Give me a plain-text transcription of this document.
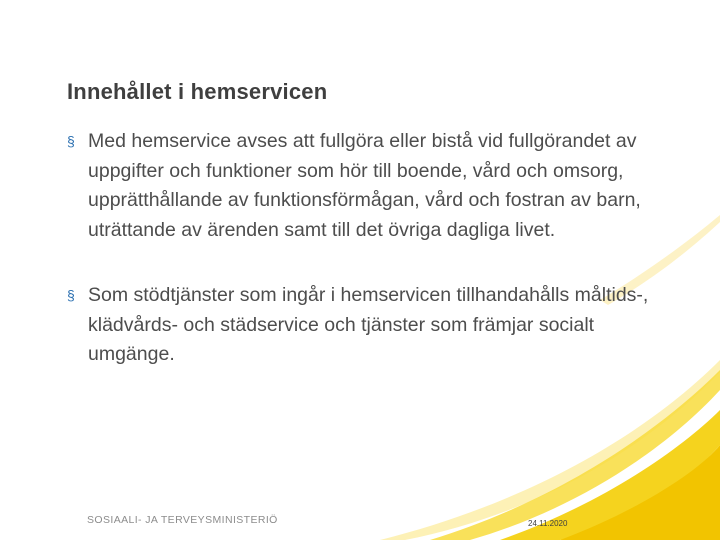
Innehållet i hemservicen
§ Med hemservice avses att fullgöra eller bistå vid fullgörandet av uppgifter och funktioner som hör till boende, vård och omsorg, upprätthållande av funktionsförmågan, vård och fostran av barn, uträttande av ärenden samt till det övriga dagliga livet.
§ Som stödtjänster som ingår i hemservicen tillhandahålls måltids-, klädvårds- och städservice och tjänster som främjar socialt umgänge.
SOSIAALI- JA TERVEYSMINISTERIÖ	24.11.2020
